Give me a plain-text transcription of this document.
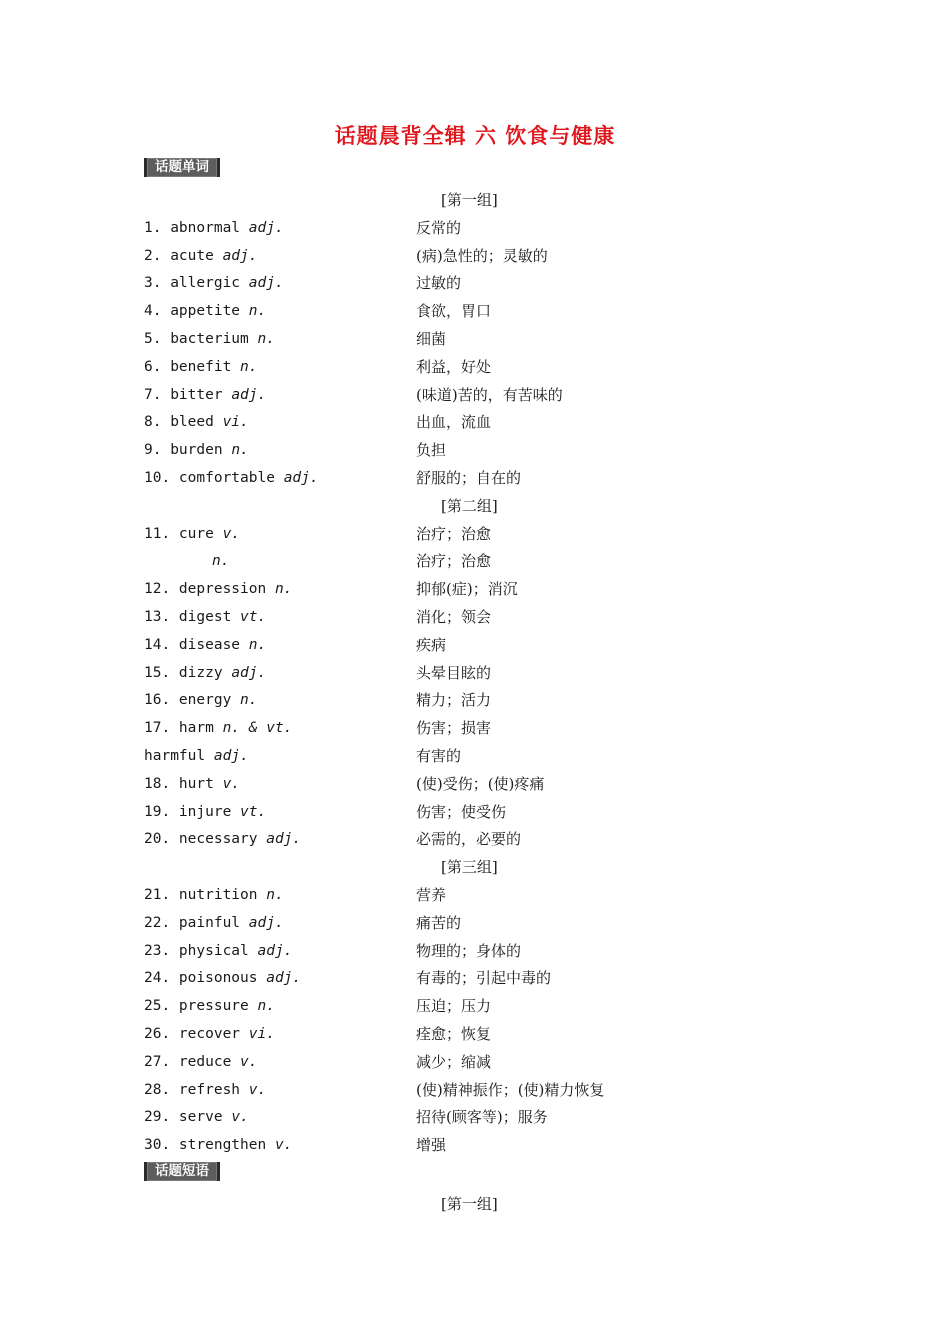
话题晨背全辑 六 饮食与健康
话题单词
[第一组]
1. abnormal adj.	反常的
2. acute adj.	(病)急性的；灵敏的
3. allergic adj.	过敏的
4. appetite n.	食欲，胃口
5. bacterium n.	细菌
6. benefit n.	利益，好处
7. bitter adj.	(味道)苦的，有苦味的
8. bleed vi.	出血，流血
9. burden n.	负担
10. comfortable adj.	舒服的；自在的
[第二组]
11. cure v.	治疗；治愈
n.	治疗；治愈
12. depression n.	抑郁(症)；消沉
13. digest vt.	消化；领会
14. disease n.	疾病
15. dizzy adj.	头晕目眩的
16. energy n.	精力；活力
17. harm n. & vt.	伤害；损害
harmful adj.	有害的
18. hurt v.	(使)受伤；(使)疼痛
19. injure vt.	伤害；使受伤
20. necessary adj.	必需的，必要的
[第三组]
21. nutrition n.	营养
22. painful adj.	痛苦的
23. physical adj.	物理的；身体的
24. poisonous adj.	有毒的；引起中毒的
25. pressure n.	压迫；压力
26. recover vi.	痊愈；恢复
27. reduce v.	减少；缩减
28. refresh v.	(使)精神振作；(使)精力恢复
29. serve v.	招待(顾客等)；服务
30. strengthen v.	增强
话题短语
[第一组]
